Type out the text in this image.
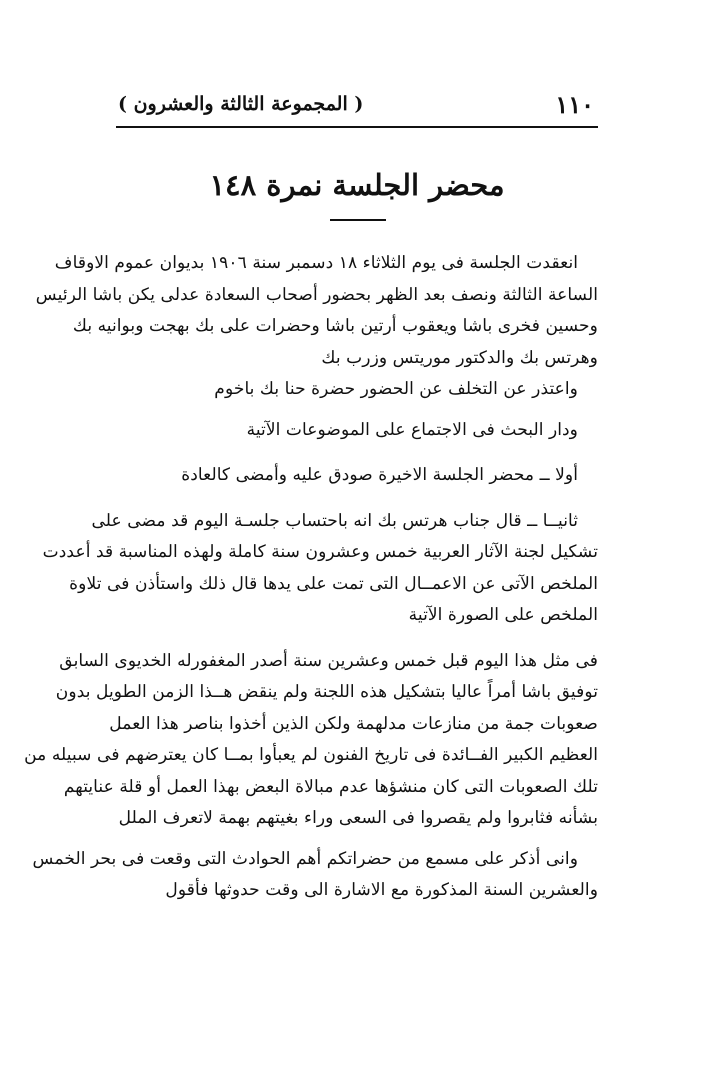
١١٠
( المجموعة الثالثة والعشرون )
محضر الجلسة نمرة ١٤٨
انعقدت الجلسة فى يوم الثلاثاء ١٨ دسمبر سنة ١٩٠٦ بديوان عموم الاوقاف
الساعة الثالثة ونصف بعد الظهر بحضور أصحاب السعادة عدلى يكن باشا الرئيس
وحسين فخرى باشا ويعقوب أرتين باشا وحضرات على بك بهجت وبوانيه بك
وهرتس بك والدكتور موريتس وزرب بك
واعتذر عن التخلف عن الحضور حضرة حنا بك باخوم
ودار البحث فى الاجتماع على الموضوعات الآتية
أولا ــ محضر الجلسة الاخيرة صودق عليه وأمضى كالعادة
ثانيــا ــ قال جناب هرتس بك انه باحتساب جلسـة اليوم قد مضى على
تشكيل لجنة الآثار العربية خمس وعشرون سنة كاملة ولهذه المناسبة قد أعددت
الملخص الآتى عن الاعمــال التى تمت على يدها قال ذلك واستأذن فى تلاوة
الملخص على الصورة الآتية
فى مثل هذا اليوم قبل خمس وعشرين سنة أصدر المغفورله الخديوى السابق
توفيق باشا أمراً عاليا بتشكيل هذه اللجنة ولم ينقض هــذا الزمن الطويل بدون
صعوبات جمة من منازعات مدلهمة ولكن الذين أخذوا بناصر هذا العمل
العظيم الكبير الفــائدة فى تاريخ الفنون لم يعبأوا بمــا كان يعترضهم فى سبيله من
تلك الصعوبات التى كان منشؤها عدم مبالاة البعض بهذا العمل أو قلة عنايتهم
بشأنه فثابروا ولم يقصروا فى السعى وراء بغيتهم بهمة لاتعرف الملل
وانى أذكر على مسمع من حضراتكم أهم الحوادث التى وقعت فى بحر الخمس
والعشرين السنة المذكورة مع الاشارة الى وقت حدوثها فأقول
